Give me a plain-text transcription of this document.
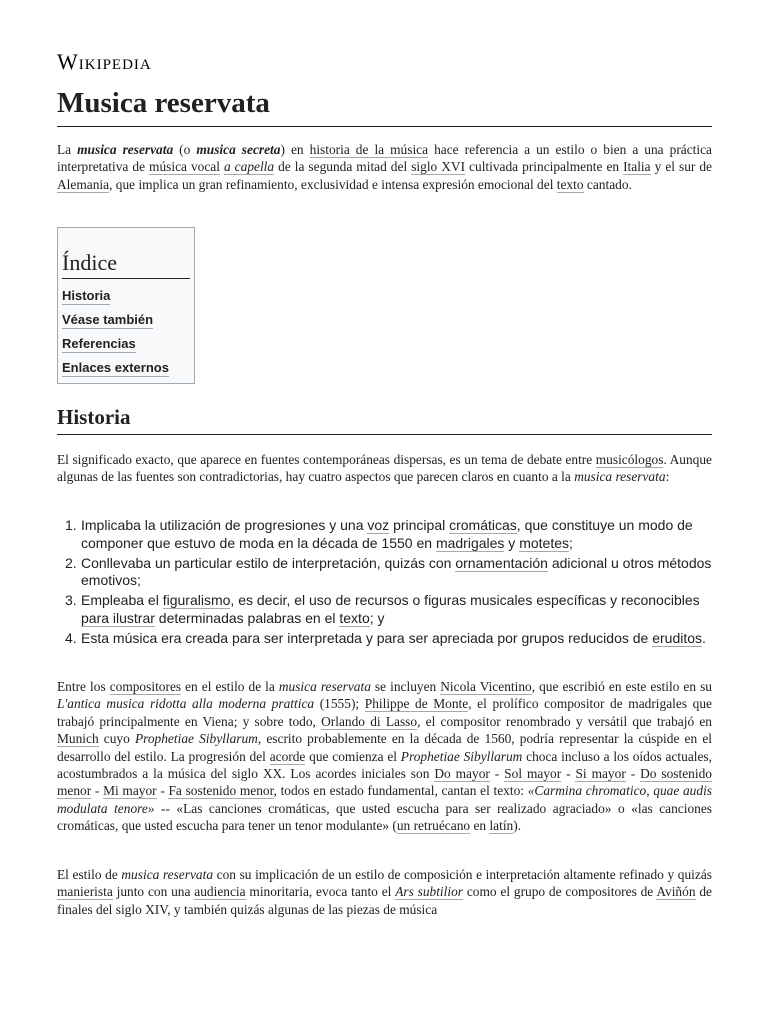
Wikipedia
Musica reservata

La musica reservata (o musica secreta) en historia de la música hace referencia a un estilo o bien a una práctica interpretativa de música vocal a capella de la segunda mitad del siglo XVI cultivada principalmente en Italia y el sur de Alemania, que implica un gran refinamiento, exclusividad e intensa expresión emocional del texto cantado.

Índice
Historia
Véase también
Referencias
Enlaces externos
Historia

El significado exacto, que aparece en fuentes contemporáneas dispersas, es un tema de debate entre musicólogos. Aunque algunas de las fuentes son contradictorias, hay cuatro aspectos que parecen claros en cuanto a la musica reservata:

1. Implicaba la utilización de progresiones y una voz principal cromáticas, que constituye un modo de componer que estuvo de moda en la década de 1550 en madrigales y motetes;
2. Conllevaba un particular estilo de interpretación, quizás con ornamentación adicional u otros métodos emotivos;
3. Empleaba el figuralismo, es decir, el uso de recursos o figuras musicales específicas y reconocibles para ilustrar determinadas palabras en el texto; y
4. Esta música era creada para ser interpretada y para ser apreciada por grupos reducidos de eruditos.

Entre los compositores en el estilo de la musica reservata se incluyen Nicola Vicentino, que escribió en este estilo en su L'antica musica ridotta alla moderna prattica (1555); Philippe de Monte, el prolífico compositor de madrigales que trabajó principalmente en Viena; y sobre todo, Orlando di Lasso, el compositor renombrado y versátil que trabajó en Munich cuyo Prophetiae Sibyllarum, escrito probablemente en la década de 1560, podría representar la cúspide en el desarrollo del estilo. La progresión del acorde que comienza el Prophetiae Sibyllarum choca incluso a los oídos actuales, acostumbrados a la música del siglo XX. Los acordes iniciales son Do mayor - Sol mayor - Si mayor - Do sostenido menor - Mi mayor - Fa sostenido menor, todos en estado fundamental, cantan el texto: «Carmina chromatico, quae audis modulata tenore» -- «Las canciones cromáticas, que usted escucha para ser realizado agraciado» o «las canciones cromáticas, que usted escucha para tener un tenor modulante» (un retruécano en latín).

El estilo de musica reservata con su implicación de un estilo de composición e interpretación altamente refinado y quizás manierista junto con una audiencia minoritaria, evoca tanto el Ars subtilior como el grupo de compositores de Aviñón de finales del siglo XIV, y también quizás algunas de las piezas de música
